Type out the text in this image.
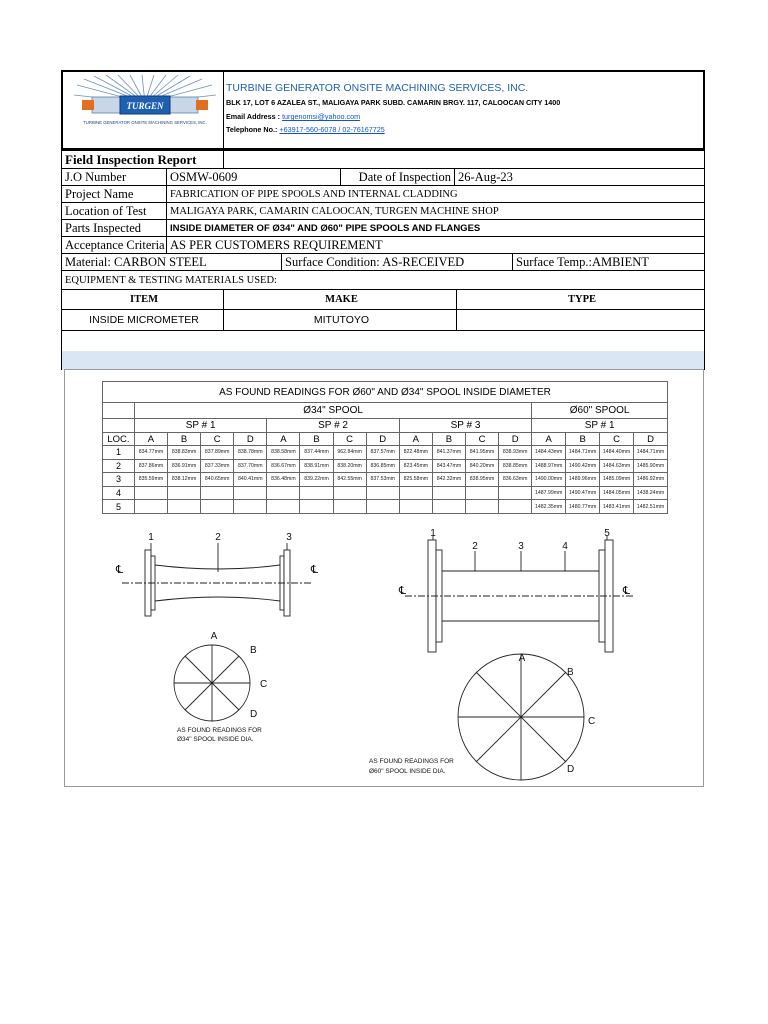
TURGEN
TURBINE GENERATOR ONSITE MACHINING SERVICES, INC.
TURBINE GENERATOR ONSITE MACHINING SERVICES, INC.
BLK 17, LOT 6 AZALEA ST., MALIGAYA PARK SUBD. CAMARIN BRGY. 117, CALOOCAN CITY 1400
Email Address : turgenomsi@yahoo.com
Telephone No.: +63917-560-6078 / 02-76167725
Field Inspection Report
J.O Number	OSMW-0609	Date of Inspection 26-Aug-23
Project Name	FABRICATION OF PIPE SPOOLS AND INTERNAL CLADDING
Location of Test	MALIGAYA PARK, CAMARIN CALOOCAN, TURGEN MACHINE SHOP
Parts Inspected	INSIDE DIAMETER OF Ø34" AND Ø60" PIPE SPOOLS AND FLANGES
Acceptance Criteria AS PER CUSTOMERS REQUIREMENT
Material: CARBON STEEL	Surface Condition: AS-RECEIVED	Surface Temp.:AMBIENT
EQUIPMENT & TESTING MATERIALS USED:
ITEM	MAKE	TYPE
INSIDE MICROMETER	MITUTOYO
AS FOUND READINGS FOR Ø60" AND Ø34" SPOOL INSIDE DIAMETER																
	Ø34" SPOOL												Ø60" SPOOL			
	SP # 1				SP # 2				SP # 3				SP # 1			
LOC.	A	B	C	D	A	B	C	D	A	B	C	D	A	B	C	D
1	834.77mm	838.83mm	837.89mm	838.78mm	838.58mm	837.44mm	962.84mm	837.57mm	822.48mm	841.37mm	841.95mm	838.93mm	1484.43mm	1484.71mm	1484.40mm	1484.71mm
2	837.86mm	836.91mm	837.33mm	837.70mm	836.67mm	838.91mm	838.20mm	836.85mm	823.45mm	843.47mm	840.20mm	838.85mm	1488.97mm	1490.42mm	1484.63mm	1485.90mm
3	835.59mm	838.12mm	840.65mm	840.41mm	836.48mm	839.22mm	842.55mm	837.53mm	825.58mm	842.32mm	838.95mm	836.63mm	1490.00mm	1489.96mm	1485.09mm	1486.92mm
4													1487.99mm	1490.47mm	1484.05mm	1438.24mm
5													1482.35mm	1480.77mm	1483.41mm	1482.51mm
1	2	3
℄	℄
A
B
C
D
AS FOUND READINGS FOR
Ø34" SPOOL INSIDE DIA.
1
2	3	4
5
℄	℄
A
B
C
D
AS FOUND READINGS FOR
Ø60" SPOOL INSIDE DIA.
